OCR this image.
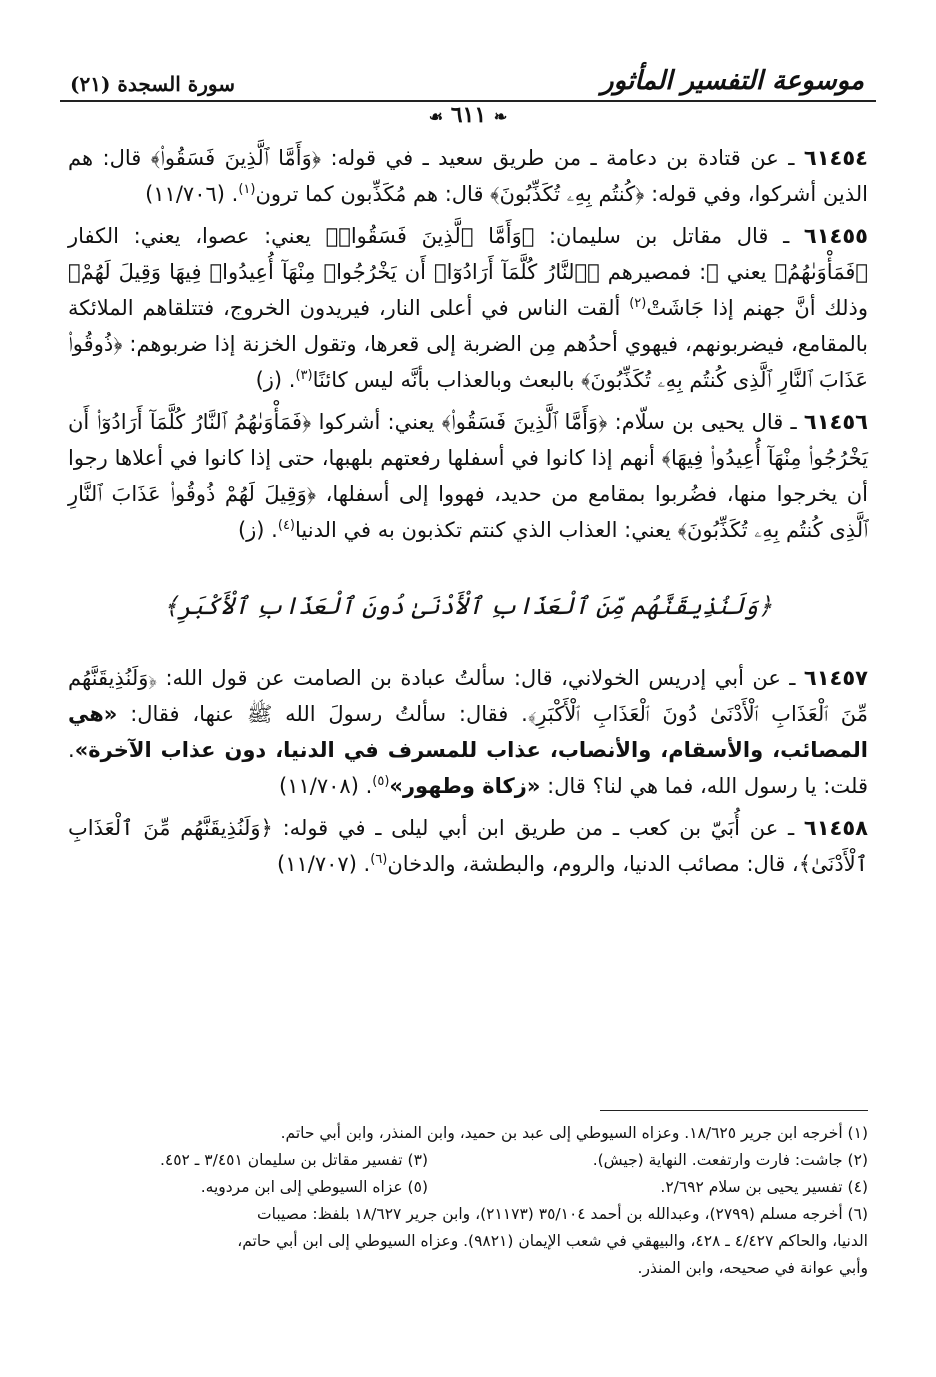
موسوعة التفسير المأثور
سورة السجدة (٢١)
❧ ٦١١ ☙

٦١٤٥٤ ـ عن قتادة بن دعامة ـ من طريق سعيد ـ في قوله: ﴿وَأَمَّا ٱلَّذِينَ فَسَقُوا۟﴾ قال: هم الذين أشركوا، وفي قوله: ﴿كُنتُم بِهِۦ تُكَذِّبُونَ﴾ قال: هم مُكَذِّبون كما ترون$^{(١)}$. (١١/٧٠٦)

٦١٤٥٥ ـ قال مقاتل بن سليمان: ﴿وَأَمَّا ٱلَّذِينَ فَسَقُوا۟﴾ يعني: عصوا، يعني: الكفار ﴿فَمَأْوَىٰهُمُ﴾ يعني ﷺ: فمصيرهم ﴿ٱلنَّارُ كُلَّمَآ أَرَادُوٓا۟ أَن يَخْرُجُوا۟ مِنْهَآ أُعِيدُوا۟ فِيهَا وَقِيلَ لَهُمْ﴾ وذلك أنَّ جهنم إذا جَاشَتْ$^{(٢)}$ ألقت الناس في أعلى النار، فيريدون الخروج، فتتلقاهم الملائكة بالمقامع، فيضربونهم، فيهوي أحدُهم مِن الضربة إلى قعرها، وتقول الخزنة إذا ضربوهم: ﴿ذُوقُوا۟ عَذَابَ ٱلنَّارِ ٱلَّذِى كُنتُم بِهِۦ تُكَذِّبُونَ﴾ بالبعث وبالعذاب بأنَّه ليس كائنًا$^{(٣)}$. (ز)

٦١٤٥٦ ـ قال يحيى بن سلّام: ﴿وَأَمَّا ٱلَّذِينَ فَسَقُوا۟﴾ يعني: أشركوا ﴿فَمَأْوَىٰهُمُ ٱلنَّارُ كُلَّمَآ أَرَادُوٓا۟ أَن يَخْرُجُوا۟ مِنْهَآ أُعِيدُوا۟ فِيهَا﴾ أنهم إذا كانوا في أسفلها رفعتهم بلهبها، حتى إذا كانوا في أعلاها رجوا أن يخرجوا منها، فضُربوا بمقامع من حديد، فهووا إلى أسفلها، ﴿وَقِيلَ لَهُمْ ذُوقُوا۟ عَذَابَ ٱلنَّارِ ٱلَّذِى كُنتُم بِهِۦ تُكَذِّبُونَ﴾ يعني: العذاب الذي كنتم تكذبون به في الدنيا$^{(٤)}$. (ز)

﴿وَلَنُذِيقَنَّهُم مِّنَ ٱلْعَذَابِ ٱلْأَدْنَىٰ دُونَ ٱلْعَذَابِ ٱلْأَكْبَرِ﴾

٦١٤٥٧ ـ عن أبي إدريس الخولاني، قال: سألتُ عبادة بن الصامت عن قول الله: ﴿وَلَنُذِيقَنَّهُم مِّنَ ٱلْعَذَابِ ٱلْأَدْنَىٰ دُونَ ٱلْعَذَابِ ٱلْأَكْبَرِ﴾. فقال: سألتُ رسولَ الله ﷺ عنها، فقال: «هي المصائب، والأسقام، والأنصاب، عذاب للمسرف في الدنيا، دون عذاب الآخرة». قلت: يا رسول الله، فما هي لنا؟ قال: «زكاة وطهور»$^{(٥)}$. (١١/٧٠٨)

٦١٤٥٨ ـ عن أُبَيّ بن كعب ـ من طريق ابن أبي ليلى ـ في قوله: ﴿وَلَنُذِيقَنَّهُم مِّنَ ٱلْعَذَابِ ٱلْأَدْنَىٰ﴾، قال: مصائب الدنيا، والروم، والبطشة، والدخان$^{(٦)}$. (١١/٧٠٧)

(١) أخرجه ابن جرير ١٨/٦٢٥. وعزاه السيوطي إلى عبد بن حميد، وابن المنذر، وابن أبي حاتم.
(٢) جاشت: فارت وارتفعت. النهاية (جيش).
(٣) تفسير مقاتل بن سليمان ٣/٤٥١ ـ ٤٥٢.
(٤) تفسير يحيى بن سلام ٢/٦٩٢.
(٥) عزاه السيوطي إلى ابن مردويه.
(٦) أخرجه مسلم (٢٧٩٩)، وعبدالله بن أحمد ٣٥/١٠٤ (٢١١٧٣)، وابن جرير ١٨/٦٢٧ بلفظ: مصيبات
الدنيا، والحاكم ٤/٤٢٧ ـ ٤٢٨، والبيهقي في شعب الإيمان (٩٨٢١). وعزاه السيوطي إلى ابن أبي حاتم،
وأبي عوانة في صحيحه، وابن المنذر.
